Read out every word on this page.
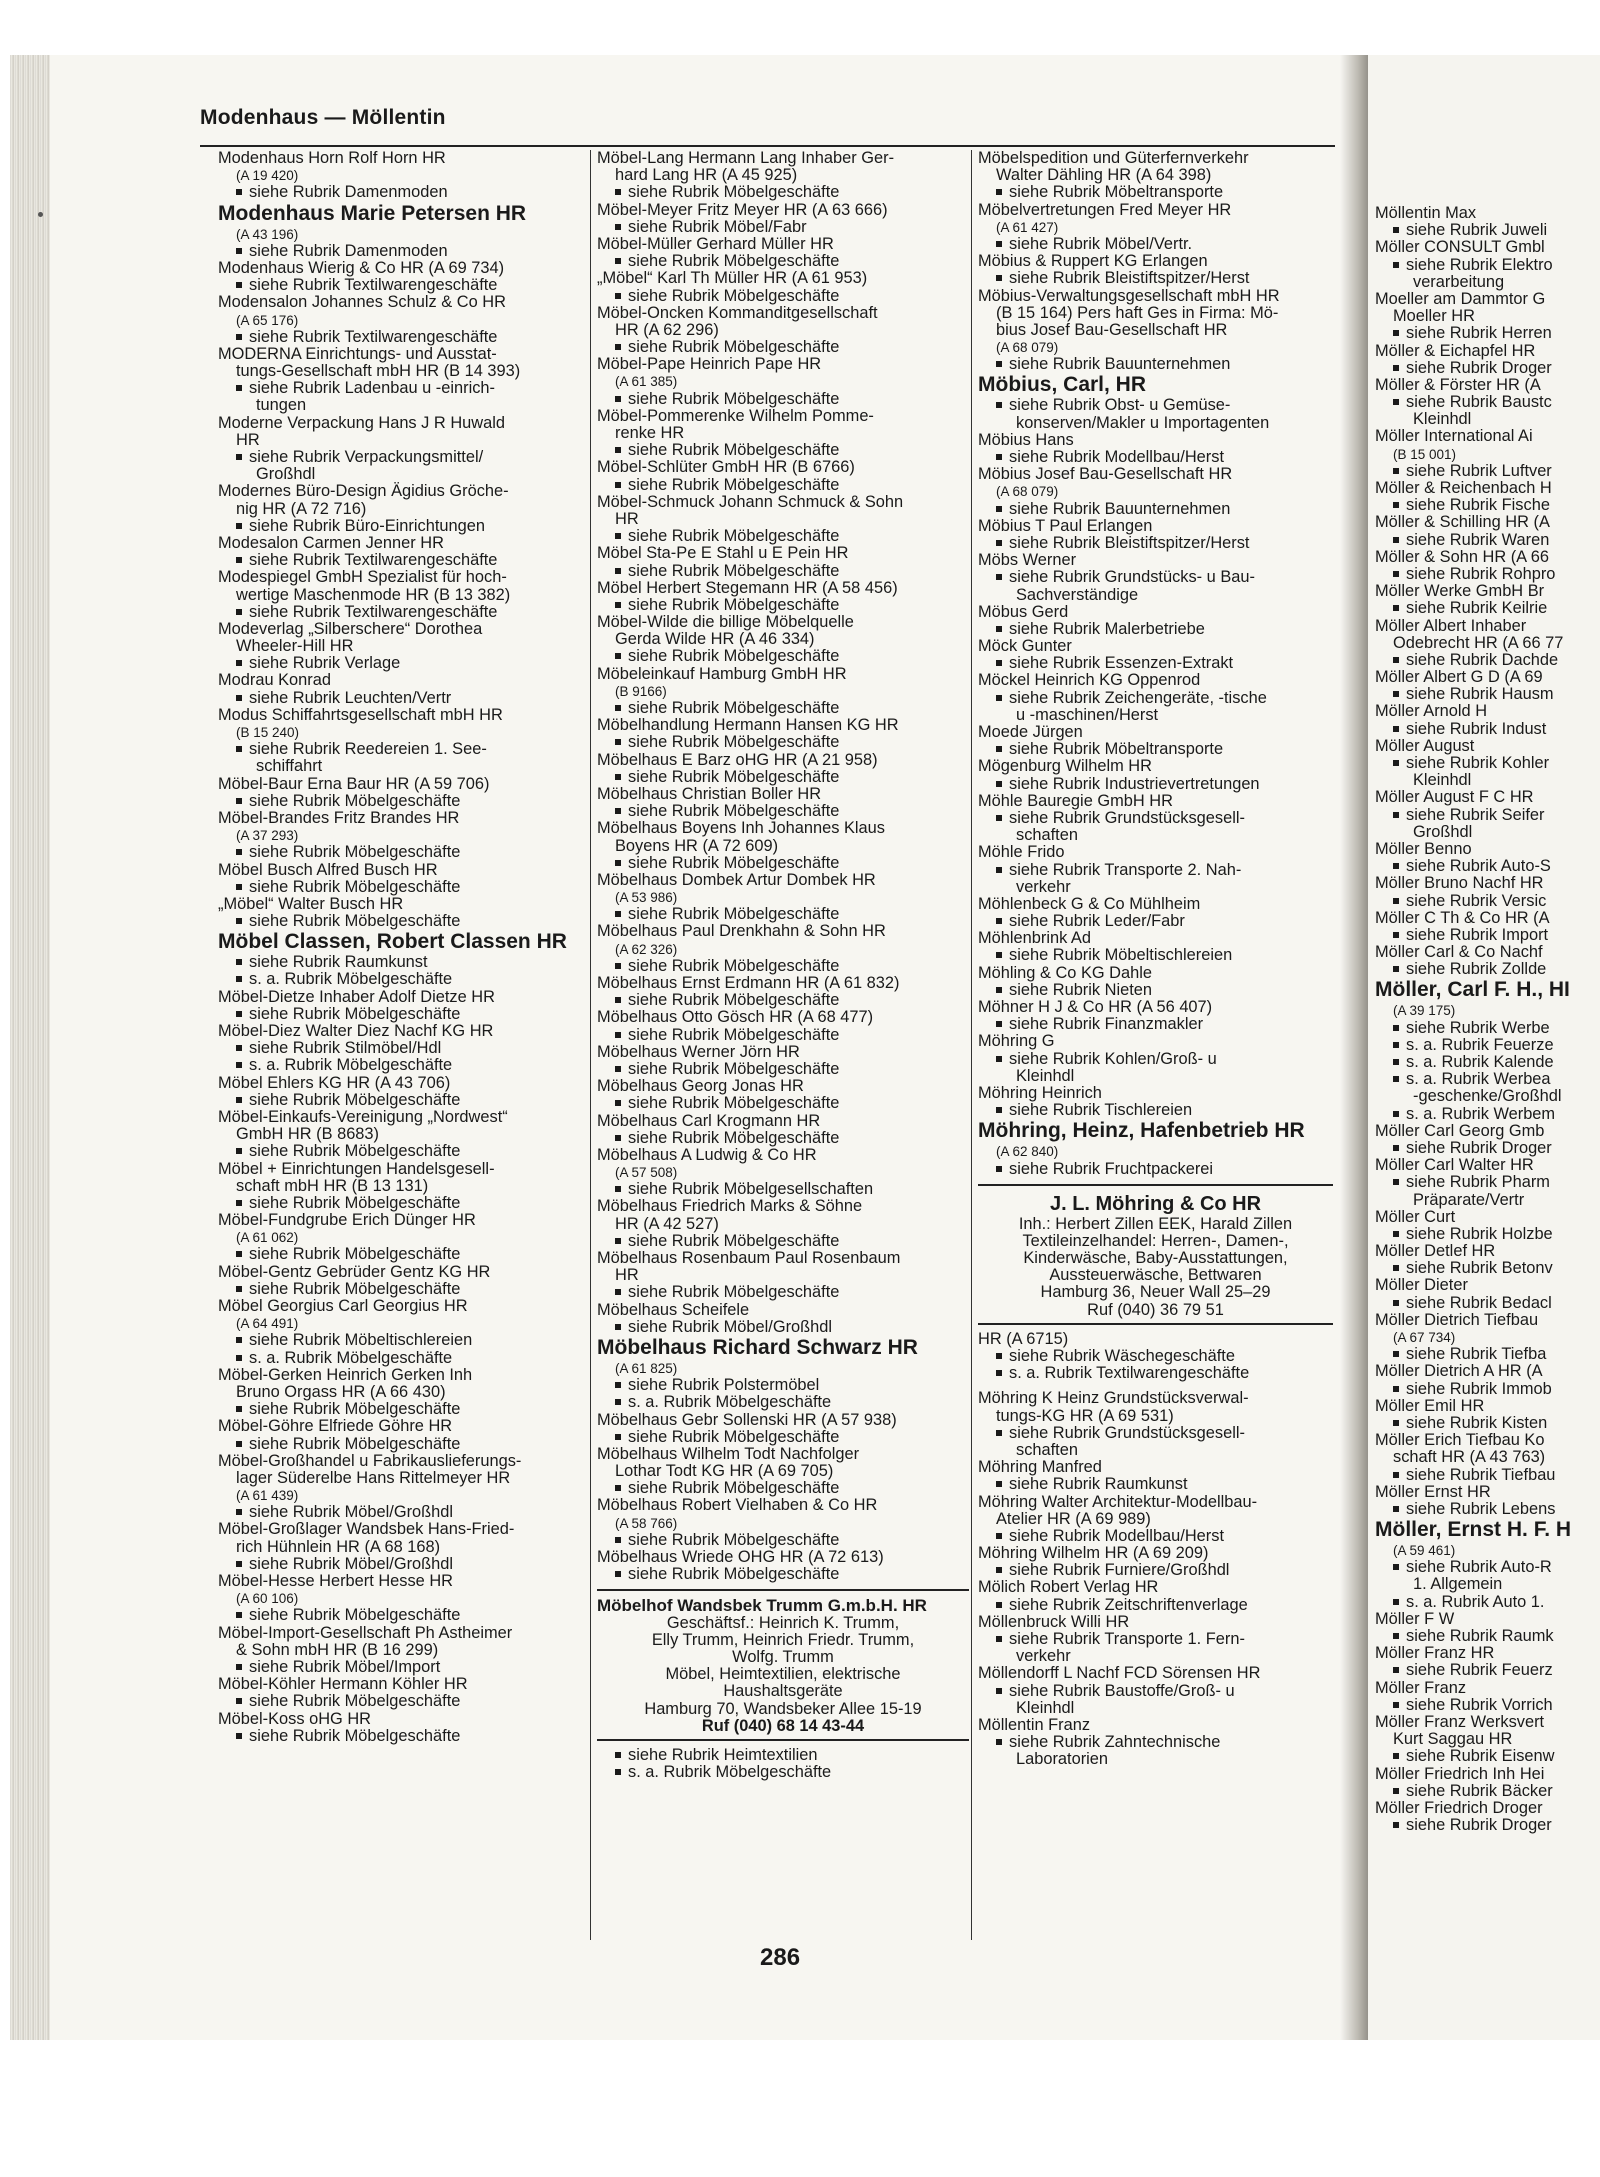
Möllentin Max
siehe Rubrik Juweli
Möller CONSULT Gmbl
siehe Rubrik Elektro
verarbeitung
Moeller am Dammtor G
Moeller HR
siehe Rubrik Herren
Möller & Eichapfel HR
siehe Rubrik Droger
Möller & Förster HR (A
siehe Rubrik Baustc
Kleinhdl
Möller International Ai
(B 15 001)
siehe Rubrik Luftver
Möller & Reichenbach H
siehe Rubrik Fische
Möller & Schilling HR (A
siehe Rubrik Waren
Möller & Sohn HR (A 66
siehe Rubrik Rohpro
Möller Werke GmbH Br
siehe Rubrik Keilrie
Möller Albert Inhaber
Odebrecht HR (A 66 77
siehe Rubrik Dachde
Möller Albert G D (A 69
siehe Rubrik Hausm
Möller Arnold H
siehe Rubrik Indust
Möller August
siehe Rubrik Kohler
Kleinhdl
Möller August F C HR
siehe Rubrik Seifer
Großhdl
Möller Benno
siehe Rubrik Auto-S
Möller Bruno Nachf HR
siehe Rubrik Versic
Möller C Th & Co HR (A
siehe Rubrik Import
Möller Carl & Co Nachf
siehe Rubrik Zollde
Möller, Carl F. H., HI
(A 39 175)
siehe Rubrik Werbe
s. a. Rubrik Feuerze
s. a. Rubrik Kalende
s. a. Rubrik Werbea
-geschenke/Großhdl
s. a. Rubrik Werbem
Möller Carl Georg Gmb
siehe Rubrik Droger
Möller Carl Walter HR
siehe Rubrik Pharm
Präparate/Vertr
Möller Curt
siehe Rubrik Holzbe
Möller Detlef HR
siehe Rubrik Betonv
Möller Dieter
siehe Rubrik Bedacl
Möller Dietrich Tiefbau
(A 67 734)
siehe Rubrik Tiefba
Möller Dietrich A HR (A
siehe Rubrik Immob
Möller Emil HR
siehe Rubrik Kisten
Möller Erich Tiefbau Ko
schaft HR (A 43 763)
siehe Rubrik Tiefbau
Möller Ernst HR
siehe Rubrik Lebens
Möller, Ernst H. F. H
(A 59 461)
siehe Rubrik Auto-R
1. Allgemein
s. a. Rubrik Auto 1.
Möller F W
siehe Rubrik Raumk
Möller Franz HR
siehe Rubrik Feuerz
Möller Franz
siehe Rubrik Vorrich
Möller Franz Werksvert
Kurt Saggau HR
siehe Rubrik Eisenw
Möller Friedrich Inh Hei
siehe Rubrik Bäcker
Möller Friedrich Droger
siehe Rubrik Droger
Modenhaus — Möllentin
Modenhaus Horn Rolf Horn HR
(A 19 420)
siehe Rubrik Damenmoden
Modenhaus Marie Petersen HR
(A 43 196)
siehe Rubrik Damenmoden
Modenhaus Wierig & Co HR (A 69 734)
siehe Rubrik Textilwarengeschäfte
Modensalon Johannes Schulz & Co HR
(A 65 176)
siehe Rubrik Textilwarengeschäfte
MODERNA Einrichtungs- und Ausstat-
tungs-Gesellschaft mbH HR (B 14 393)
siehe Rubrik Ladenbau u -einrich-
tungen
Moderne Verpackung Hans J R Huwald
HR
siehe Rubrik Verpackungsmittel/
Großhdl
Modernes Büro-Design Ägidius Gröche-
nig HR (A 72 716)
siehe Rubrik Büro-Einrichtungen
Modesalon Carmen Jenner HR
siehe Rubrik Textilwarengeschäfte
Modespiegel GmbH Spezialist für hoch-
wertige Maschenmode HR (B 13 382)
siehe Rubrik Textilwarengeschäfte
Modeverlag „Silberschere“ Dorothea
Wheeler-Hill HR
siehe Rubrik Verlage
Modrau Konrad
siehe Rubrik Leuchten/Vertr
Modus Schiffahrtsgesellschaft mbH HR
(B 15 240)
siehe Rubrik Reedereien 1. See-
schiffahrt
Möbel-Baur Erna Baur HR (A 59 706)
siehe Rubrik Möbelgeschäfte
Möbel-Brandes Fritz Brandes HR
(A 37 293)
siehe Rubrik Möbelgeschäfte
Möbel Busch Alfred Busch HR
siehe Rubrik Möbelgeschäfte
„Möbel“ Walter Busch HR
siehe Rubrik Möbelgeschäfte
Möbel Classen, Robert Classen HR
siehe Rubrik Raumkunst
s. a. Rubrik Möbelgeschäfte
Möbel-Dietze Inhaber Adolf Dietze HR
siehe Rubrik Möbelgeschäfte
Möbel-Diez Walter Diez Nachf KG HR
siehe Rubrik Stilmöbel/Hdl
s. a. Rubrik Möbelgeschäfte
Möbel Ehlers KG HR (A 43 706)
siehe Rubrik Möbelgeschäfte
Möbel-Einkaufs-Vereinigung „Nordwest“
GmbH HR (B 8683)
siehe Rubrik Möbelgeschäfte
Möbel + Einrichtungen Handelsgesell-
schaft mbH HR (B 13 131)
siehe Rubrik Möbelgeschäfte
Möbel-Fundgrube Erich Dünger HR
(A 61 062)
siehe Rubrik Möbelgeschäfte
Möbel-Gentz Gebrüder Gentz KG HR
siehe Rubrik Möbelgeschäfte
Möbel Georgius Carl Georgius HR
(A 64 491)
siehe Rubrik Möbeltischlereien
s. a. Rubrik Möbelgeschäfte
Möbel-Gerken Heinrich Gerken Inh
Bruno Orgass HR (A 66 430)
siehe Rubrik Möbelgeschäfte
Möbel-Göhre Elfriede Göhre HR
siehe Rubrik Möbelgeschäfte
Möbel-Großhandel u Fabrikauslieferungs-
lager Süderelbe Hans Rittelmeyer HR
(A 61 439)
siehe Rubrik Möbel/Großhdl
Möbel-Großlager Wandsbek Hans-Fried-
rich Hühnlein HR (A 68 168)
siehe Rubrik Möbel/Großhdl
Möbel-Hesse Herbert Hesse HR
(A 60 106)
siehe Rubrik Möbelgeschäfte
Möbel-Import-Gesellschaft Ph Astheimer
& Sohn mbH HR (B 16 299)
siehe Rubrik Möbel/Import
Möbel-Köhler Hermann Köhler HR
siehe Rubrik Möbelgeschäfte
Möbel-Koss oHG HR
siehe Rubrik Möbelgeschäfte
Möbel-Lang Hermann Lang Inhaber Ger-
hard Lang HR (A 45 925)
siehe Rubrik Möbelgeschäfte
Möbel-Meyer Fritz Meyer HR (A 63 666)
siehe Rubrik Möbel/Fabr
Möbel-Müller Gerhard Müller HR
siehe Rubrik Möbelgeschäfte
„Möbel“ Karl Th Müller HR (A 61 953)
siehe Rubrik Möbelgeschäfte
Möbel-Oncken Kommanditgesellschaft
HR (A 62 296)
siehe Rubrik Möbelgeschäfte
Möbel-Pape Heinrich Pape HR
(A 61 385)
siehe Rubrik Möbelgeschäfte
Möbel-Pommerenke Wilhelm Pomme-
renke HR
siehe Rubrik Möbelgeschäfte
Möbel-Schlüter GmbH HR (B 6766)
siehe Rubrik Möbelgeschäfte
Möbel-Schmuck Johann Schmuck & Sohn
HR
siehe Rubrik Möbelgeschäfte
Möbel Sta-Pe E Stahl u E Pein HR
siehe Rubrik Möbelgeschäfte
Möbel Herbert Stegemann HR (A 58 456)
siehe Rubrik Möbelgeschäfte
Möbel-Wilde die billige Möbelquelle
Gerda Wilde HR (A 46 334)
siehe Rubrik Möbelgeschäfte
Möbeleinkauf Hamburg GmbH HR
(B 9166)
siehe Rubrik Möbelgeschäfte
Möbelhandlung Hermann Hansen KG HR
siehe Rubrik Möbelgeschäfte
Möbelhaus E Barz oHG HR (A 21 958)
siehe Rubrik Möbelgeschäfte
Möbelhaus Christian Boller HR
siehe Rubrik Möbelgeschäfte
Möbelhaus Boyens Inh Johannes Klaus
Boyens HR (A 72 609)
siehe Rubrik Möbelgeschäfte
Möbelhaus Dombek Artur Dombek HR
(A 53 986)
siehe Rubrik Möbelgeschäfte
Möbelhaus Paul Drenkhahn & Sohn HR
(A 62 326)
siehe Rubrik Möbelgeschäfte
Möbelhaus Ernst Erdmann HR (A 61 832)
siehe Rubrik Möbelgeschäfte
Möbelhaus Otto Gösch HR (A 68 477)
siehe Rubrik Möbelgeschäfte
Möbelhaus Werner Jörn HR
siehe Rubrik Möbelgeschäfte
Möbelhaus Georg Jonas HR
siehe Rubrik Möbelgeschäfte
Möbelhaus Carl Krogmann HR
siehe Rubrik Möbelgeschäfte
Möbelhaus A Ludwig & Co HR
(A 57 508)
siehe Rubrik Möbelgesellschaften
Möbelhaus Friedrich Marks & Söhne
HR (A 42 527)
siehe Rubrik Möbelgeschäfte
Möbelhaus Rosenbaum Paul Rosenbaum
HR
siehe Rubrik Möbelgeschäfte
Möbelhaus Scheifele
siehe Rubrik Möbel/Großhdl
Möbelhaus Richard Schwarz HR
(A 61 825)
siehe Rubrik Polstermöbel
s. a. Rubrik Möbelgeschäfte
Möbelhaus Gebr Sollenski HR (A 57 938)
siehe Rubrik Möbelgeschäfte
Möbelhaus Wilhelm Todt Nachfolger
Lothar Todt KG HR (A 69 705)
siehe Rubrik Möbelgeschäfte
Möbelhaus Robert Vielhaben & Co HR
(A 58 766)
siehe Rubrik Möbelgeschäfte
Möbelhaus Wriede OHG HR (A 72 613)
siehe Rubrik Möbelgeschäfte
Möbelhof Wandsbek Trumm G.m.b.H. HR
Geschäftsf.: Heinrich K. Trumm,
Elly Trumm, Heinrich Friedr. Trumm,
Wolfg. Trumm
Möbel, Heimtextilien, elektrische
Haushaltsgeräte
Hamburg 70, Wandsbeker Allee 15-19
Ruf (040) 68 14 43-44
siehe Rubrik Heimtextilien
s. a. Rubrik Möbelgeschäfte
Möbelspedition und Güterfernverkehr
Walter Dähling HR (A 64 398)
siehe Rubrik Möbeltransporte
Möbelvertretungen Fred Meyer HR
(A 61 427)
siehe Rubrik Möbel/Vertr.
Möbius & Ruppert KG Erlangen
siehe Rubrik Bleistiftspitzer/Herst
Möbius-Verwaltungsgesellschaft mbH HR
(B 15 164) Pers haft Ges in Firma: Mö-
bius Josef Bau-Gesellschaft HR
(A 68 079)
siehe Rubrik Bauunternehmen
Möbius, Carl, HR
siehe Rubrik Obst- u Gemüse-
konserven/Makler u Importagenten
Möbius Hans
siehe Rubrik Modellbau/Herst
Möbius Josef Bau-Gesellschaft HR
(A 68 079)
siehe Rubrik Bauunternehmen
Möbius T Paul Erlangen
siehe Rubrik Bleistiftspitzer/Herst
Möbs Werner
siehe Rubrik Grundstücks- u Bau-
Sachverständige
Möbus Gerd
siehe Rubrik Malerbetriebe
Möck Gunter
siehe Rubrik Essenzen-Extrakt
Möckel Heinrich KG Oppenrod
siehe Rubrik Zeichengeräte, -tische
u -maschinen/Herst
Moede Jürgen
siehe Rubrik Möbeltransporte
Mögenburg Wilhelm HR
siehe Rubrik Industrievertretungen
Möhle Bauregie GmbH HR
siehe Rubrik Grundstücksgesell-
schaften
Möhle Frido
siehe Rubrik Transporte 2. Nah-
verkehr
Möhlenbeck G & Co Mühlheim
siehe Rubrik Leder/Fabr
Möhlenbrink Ad
siehe Rubrik Möbeltischlereien
Möhling & Co KG Dahle
siehe Rubrik Nieten
Möhner H J & Co HR (A 56 407)
siehe Rubrik Finanzmakler
Möhring G
siehe Rubrik Kohlen/Groß- u
Kleinhdl
Möhring Heinrich
siehe Rubrik Tischlereien
Möhring, Heinz, Hafenbetrieb HR
(A 62 840)
siehe Rubrik Fruchtpackerei
J. L. Möhring & Co HR
Inh.: Herbert Zillen EEK, Harald Zillen
Textileinzelhandel: Herren-, Damen-,
Kinderwäsche, Baby-Ausstattungen,
Aussteuerwäsche, Bettwaren
Hamburg 36, Neuer Wall 25–29
Ruf (040) 36 79 51
HR (A 6715)
siehe Rubrik Wäschegeschäfte
s. a. Rubrik Textilwarengeschäfte
Möhring K Heinz Grundstücksverwal-
tungs-KG HR (A 69 531)
siehe Rubrik Grundstücksgesell-
schaften
Möhring Manfred
siehe Rubrik Raumkunst
Möhring Walter Architektur-Modellbau-
Atelier HR (A 69 989)
siehe Rubrik Modellbau/Herst
Möhring Wilhelm HR (A 69 209)
siehe Rubrik Furniere/Großhdl
Mölich Robert Verlag HR
siehe Rubrik Zeitschriftenverlage
Möllenbruck Willi HR
siehe Rubrik Transporte 1. Fern-
verkehr
Möllendorff L Nachf FCD Sörensen HR
siehe Rubrik Baustoffe/Groß- u
Kleinhdl
Möllentin Franz
siehe Rubrik Zahntechnische
Laboratorien
286
